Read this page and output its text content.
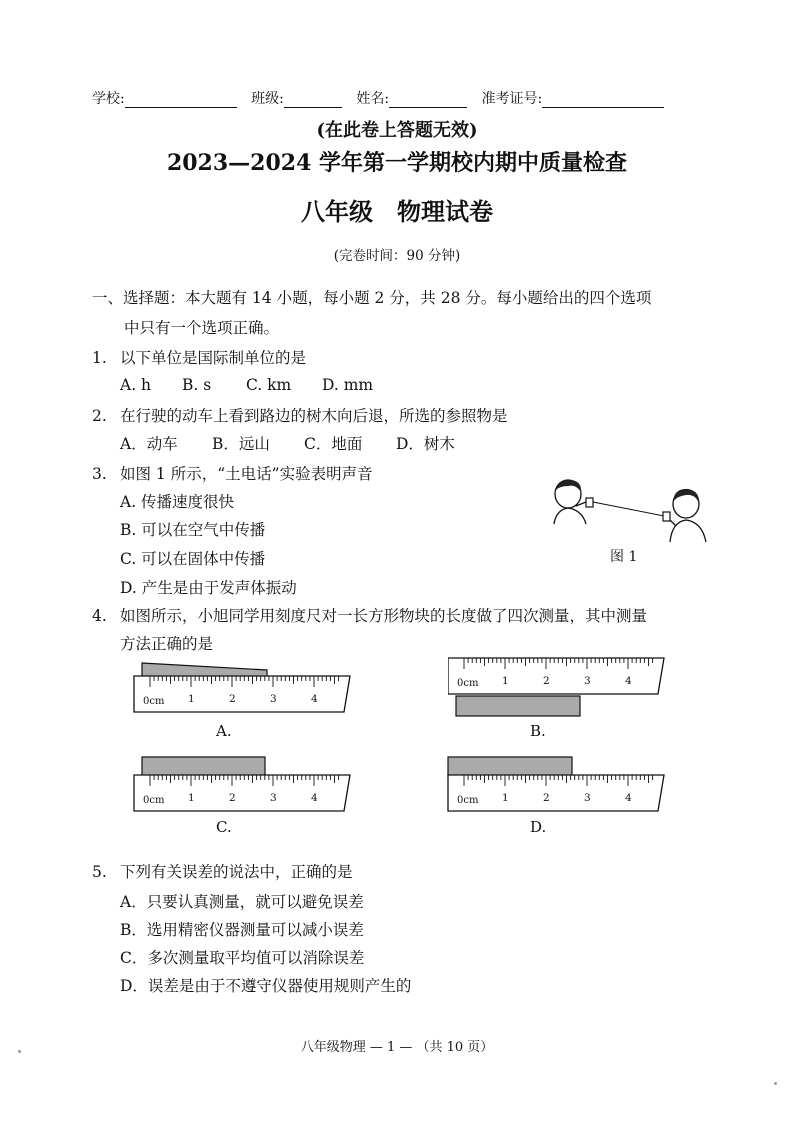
学校:	班级:	姓名:	准考证号:
(在此卷上答题无效)
2023—2024 学年第一学期校内期中质量检查
八年级 物理试卷
(完卷时间：90 分钟)
一、选择题：本大题有 14 小题，每小题 2 分，共 28 分。每小题给出的四个选项
中只有一个选项正确。
1. 以下单位是国际制单位的是
A. h B. s C. km D. mm
2. 在行驶的动车上看到路边的树木向后退，所选的参照物是
A．动车 B．远山 C．地面 D．树木
3. 如图 1 所示，“土电话”实验表明声音
A. 传播速度很快
B. 可以在空气中传播
C. 可以在固体中传播
D. 产生是由于发声体振动
图 1
4. 如图所示，小旭同学用刻度尺对一长方形物块的长度做了四次测量，其中测量
方法正确的是
0cm 1	2	3	4
A.
0cm 1	2	3	4
B.
0cm 1	2	3	4
C.
0cm 1	2	3	4
D.
5. 下列有关误差的说法中，正确的是
A．只要认真测量，就可以避免误差
B．选用精密仪器测量可以减小误差
C．多次测量取平均值可以消除误差
D．误差是由于不遵守仪器使用规则产生的
八年级物理 — 1 — （共 10 页）
